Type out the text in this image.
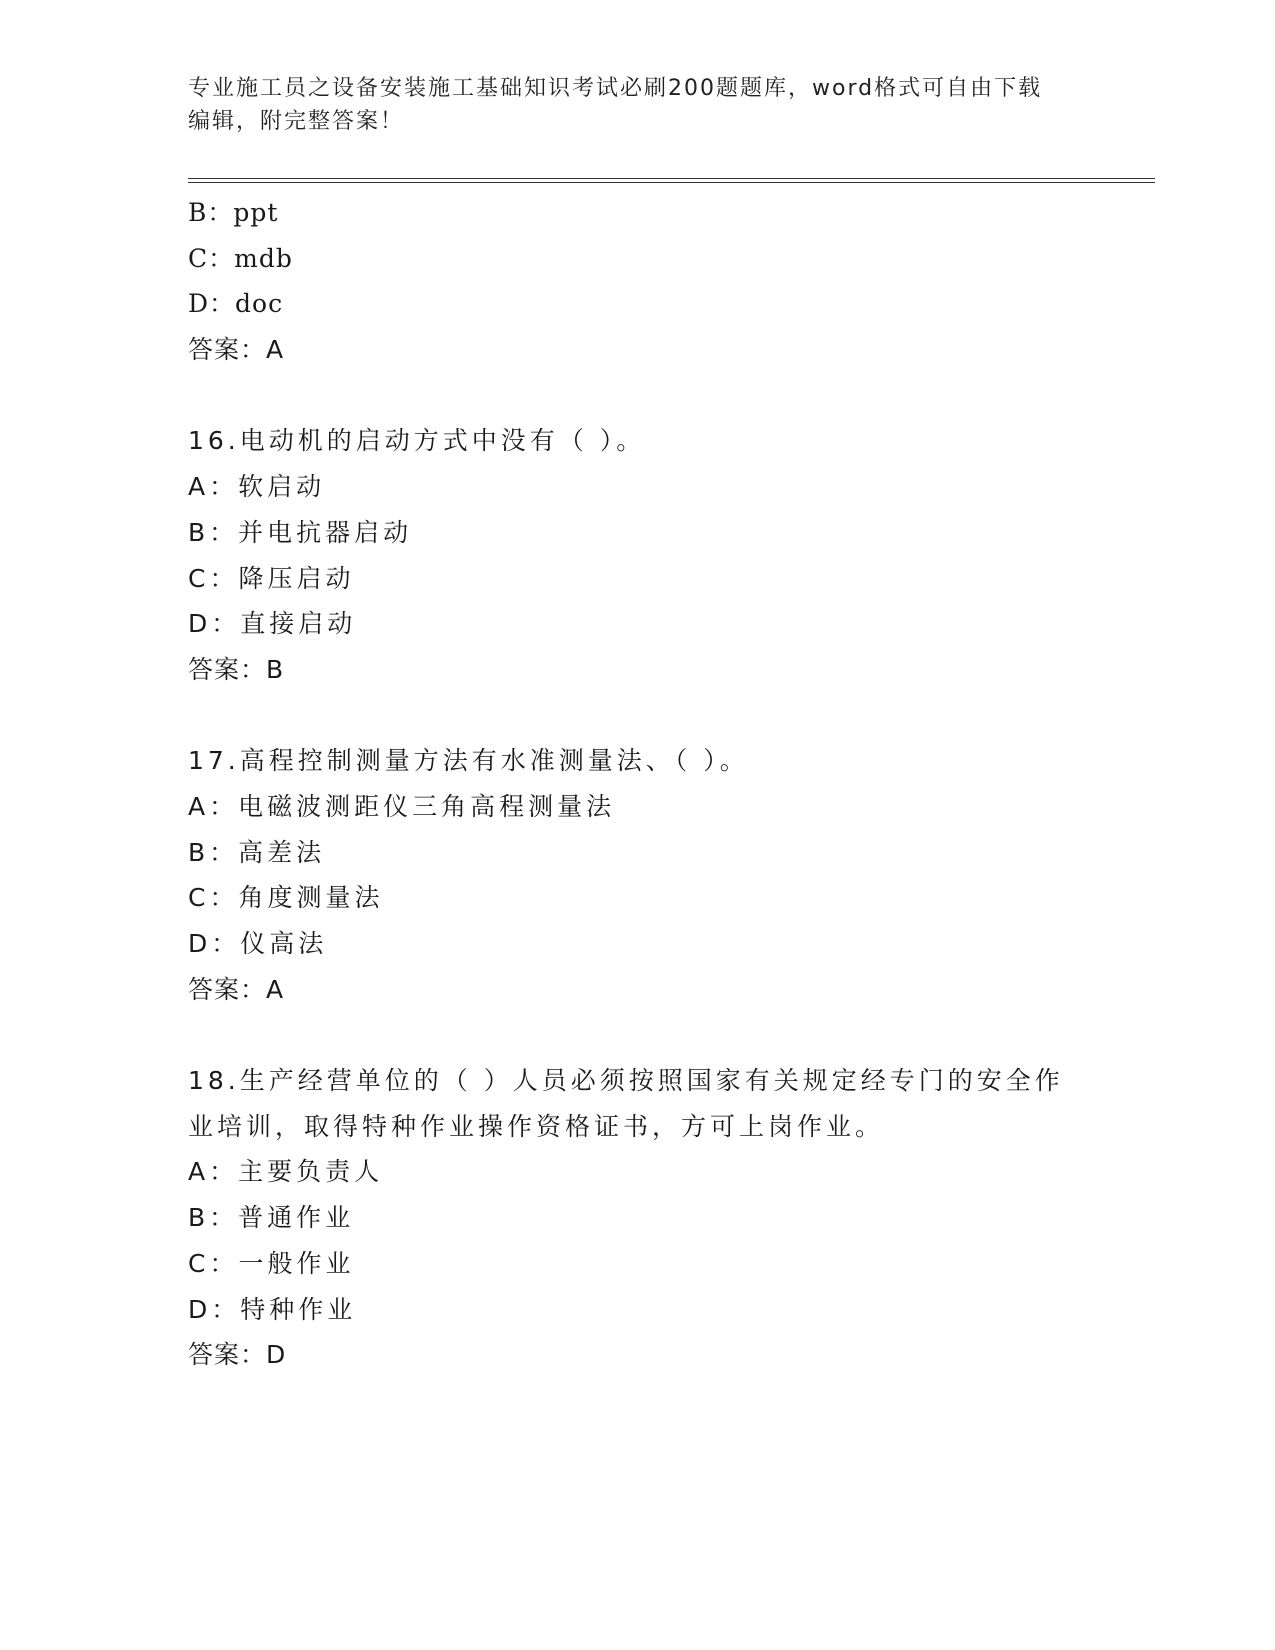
专业施工员之设备安装施工基础知识考试必刷200题题库，word格式可自由下载
编辑，附完整答案！
B：ppt
C：mdb
D：doc
答案：A
16.电动机的启动方式中没有（ ）。
A：软启动
B：并电抗器启动
C：降压启动
D：直接启动
答案：B
17.高程控制测量方法有水准测量法、（ ）。
A：电磁波测距仪三角高程测量法
B：高差法
C：角度测量法
D：仪高法
答案：A
18.生产经营单位的（ ）人员必须按照国家有关规定经专门的安全作
业培训，取得特种作业操作资格证书，方可上岗作业。
A：主要负责人
B：普通作业
C：一般作业
D：特种作业
答案：D
